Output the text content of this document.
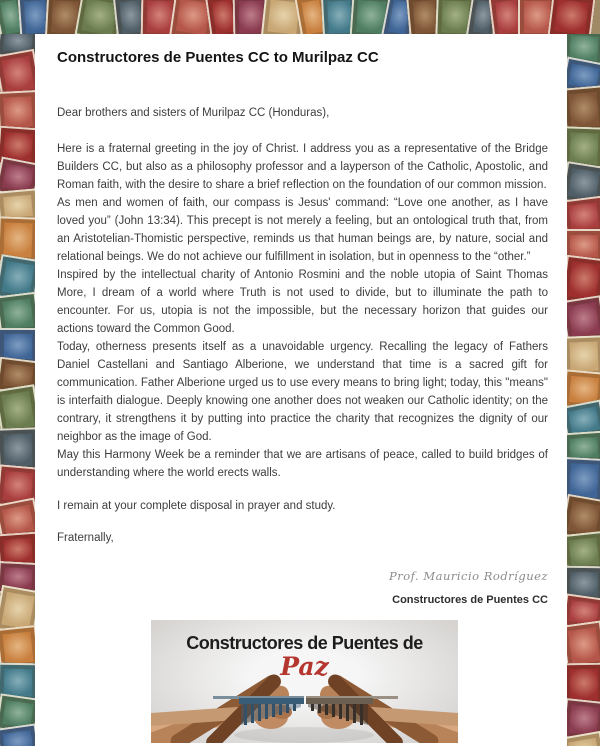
Constructores de Puentes CC to Murilpaz CC

Dear brothers and sisters of Murilpaz CC (Honduras),

Here is a fraternal greeting in the joy of Christ. I address you as a representative of the Bridge Builders CC, but also as a philosophy professor and a layperson of the Catholic, Apostolic, and Roman faith, with the desire to share a brief reflection on the foundation of our common mission.

As men and women of faith, our compass is Jesus' command: “Love one another, as I have loved you” (John 13:34). This precept is not merely a feeling, but an ontological truth that, from an Aristotelian-Thomistic perspective, reminds us that human beings are, by nature, social and relational beings. We do not achieve our fulfillment in isolation, but in openness to the “other.”

Inspired by the intellectual charity of Antonio Rosmini and the noble utopia of Saint Thomas More, I dream of a world where Truth is not used to divide, but to illuminate the path to encounter. For us, utopia is not the impossible, but the necessary horizon that guides our actions toward the Common Good.

Today, otherness presents itself as a unavoidable urgency. Recalling the legacy of Fathers Daniel Castellani and Santiago Alberione, we understand that time is a sacred gift for communication. Father Alberione urged us to use every means to bring light; today, this "means" is interfaith dialogue. Deeply knowing one another does not weaken our Catholic identity; on the contrary, it strengthens it by putting into practice the charity that recognizes the dignity of our neighbor as the image of God.

May this Harmony Week be a reminder that we are artisans of peace, called to build bridges of understanding where the world erects walls.

I remain at your complete disposal in prayer and study.

Fraternally,

Prof. Mauricio Rodríguez

Constructores de Puentes CC

Constructores de Puentes de
Paz
